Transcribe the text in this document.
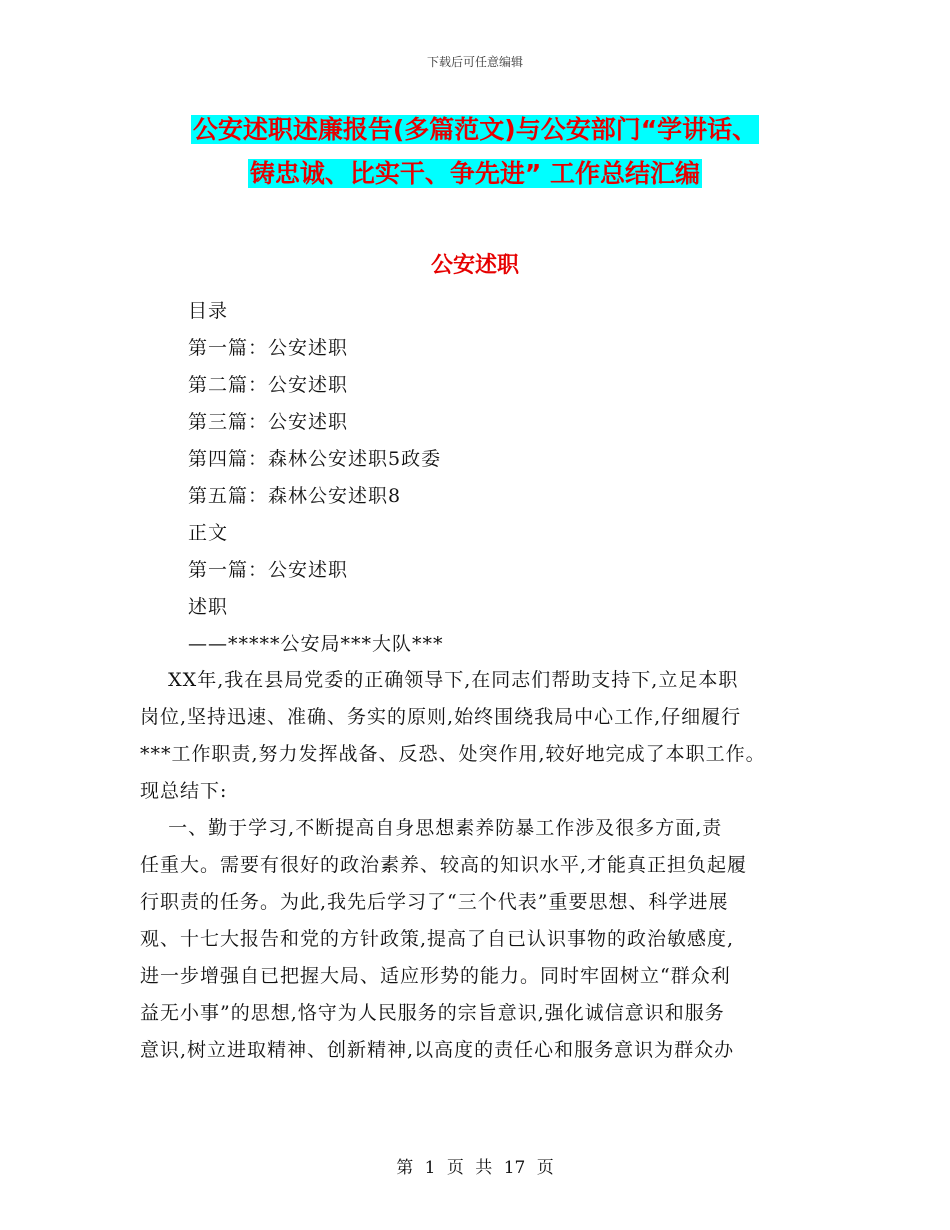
下载后可任意编辑
公安述职述廉报告(多篇范文)与公安部门“学讲话、
铸忠诚、比实干、争先进” 工作总结汇编
公安述职
目录
第一篇：公安述职
第二篇：公安述职
第三篇：公安述职
第四篇：森林公安述职5政委
第五篇：森林公安述职8
正文
第一篇：公安述职
述职
——*****公安局***大队***
XX年,我在县局党委的正确领导下,在同志们帮助支持下,立足本职
岗位,坚持迅速、准确、务实的原则,始终围绕我局中心工作,仔细履行
***工作职责,努力发挥战备、反恐、处突作用,较好地完成了本职工作。
现总结下:
一、勤于学习,不断提高自身思想素养防暴工作涉及很多方面,责
任重大。需要有很好的政治素养、较高的知识水平,才能真正担负起履
行职责的任务。为此,我先后学习了“三个代表”重要思想、科学进展
观、十七大报告和党的方针政策,提高了自已认识事物的政治敏感度,
进一步增强自已把握大局、适应形势的能力。同时牢固树立“群众利
益无小事”的思想,恪守为人民服务的宗旨意识,强化诚信意识和服务
意识,树立进取精神、创新精神,以高度的责任心和服务意识为群众办
第 1 页 共 17 页
